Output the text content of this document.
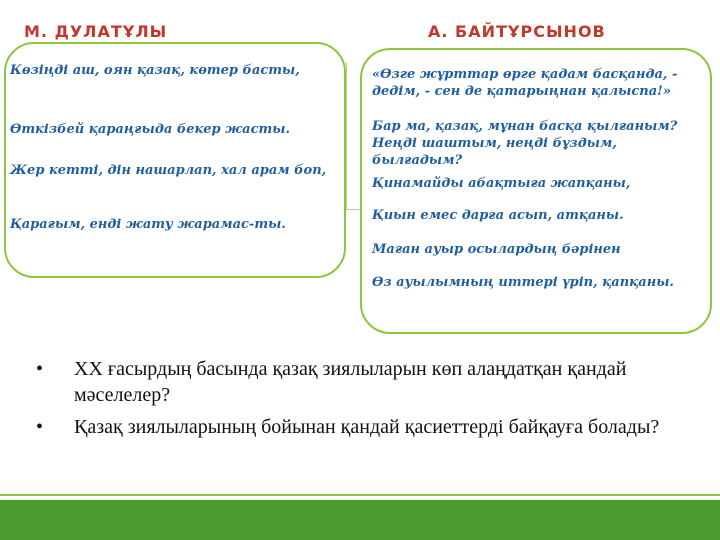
М. ДУЛАТҰЛЫ	А. БАЙТҰРСЫНОВ

Көзіңді аш, оян қазақ, көтер басты,

Өткізбей қараңғыда бекер жасты.

Жер кетті, дін нашарлап, хал арам боп,

Қарағым, енді жату жарамас-ты.

«Өзге жұрттар өрге қадам басқанда, - дедім, - сен де қатарыңнан қалыспа!»

Бар ма, қазақ, мұнан басқа қылғаным? Неңді шаштым, неңді бұздым, былғадым?

Қинамайды абақтыға жапқаны,

Қиын емес дарға асып, атқаны.

Маған ауыр осылардың бәрінен

Өз ауылымның иттері үріп, қапқаны.

• ХХ ғасырдың басында қазақ зиялыларын көп алаңдатқан қандай мәселелер?
• Қазақ зиялыларының бойынан қандай қасиеттерді байқауға болады?
